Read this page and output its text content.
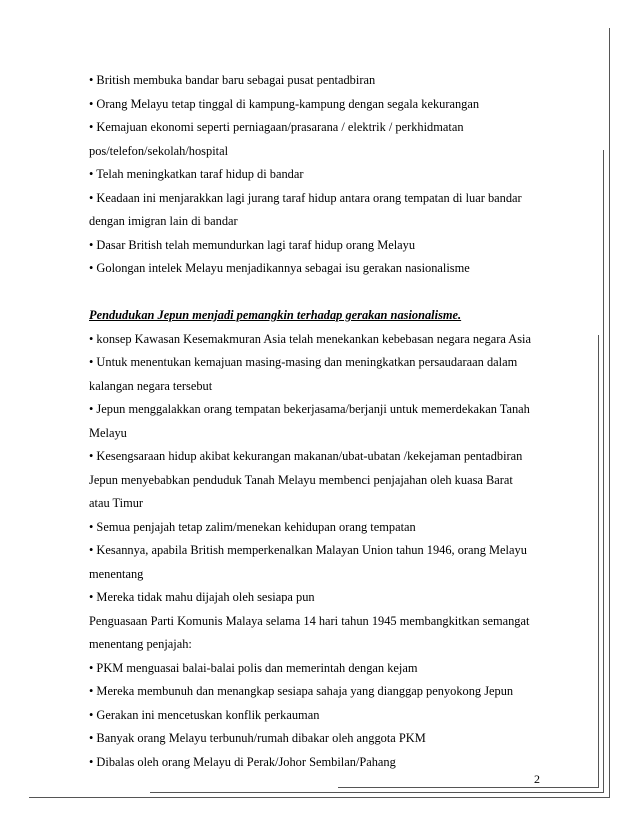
• British membuka bandar baru sebagai pusat pentadbiran

• Orang Melayu tetap tinggal di kampung-kampung dengan segala kekurangan

• Kemajuan ekonomi seperti perniagaan/prasarana / elektrik / perkhidmatan

pos/telefon/sekolah/hospital

• Telah meningkatkan taraf hidup di bandar

• Keadaan ini menjarakkan lagi jurang taraf hidup antara orang tempatan di luar bandar

dengan imigran lain di bandar

• Dasar British telah memundurkan lagi taraf hidup orang Melayu

• Golongan intelek Melayu menjadikannya sebagai isu gerakan nasionalisme

Pendudukan Jepun menjadi pemangkin terhadap gerakan nasionalisme.

• konsep Kawasan Kesemakmuran Asia telah menekankan kebebasan negara negara Asia

• Untuk menentukan kemajuan masing-masing dan meningkatkan persaudaraan dalam

kalangan negara tersebut

• Jepun menggalakkan orang tempatan bekerjasama/berjanji untuk memerdekakan Tanah

Melayu

• Kesengsaraan hidup akibat kekurangan makanan/ubat-ubatan /kekejaman pentadbiran

Jepun menyebabkan penduduk Tanah Melayu membenci penjajahan oleh kuasa Barat

atau Timur

• Semua penjajah tetap zalim/menekan kehidupan orang tempatan

• Kesannya, apabila British memperkenalkan Malayan Union tahun 1946, orang Melayu

menentang

• Mereka tidak mahu dijajah oleh sesiapa pun

Penguasaan Parti Komunis Malaya selama 14 hari tahun 1945 membangkitkan semangat

menentang penjajah:

• PKM menguasai balai-balai polis dan memerintah dengan kejam

• Mereka membunuh dan menangkap sesiapa sahaja yang dianggap penyokong Jepun

• Gerakan ini mencetuskan konflik perkauman

• Banyak orang Melayu terbunuh/rumah dibakar oleh anggota PKM

• Dibalas oleh orang Melayu di Perak/Johor Sembilan/Pahang

2
